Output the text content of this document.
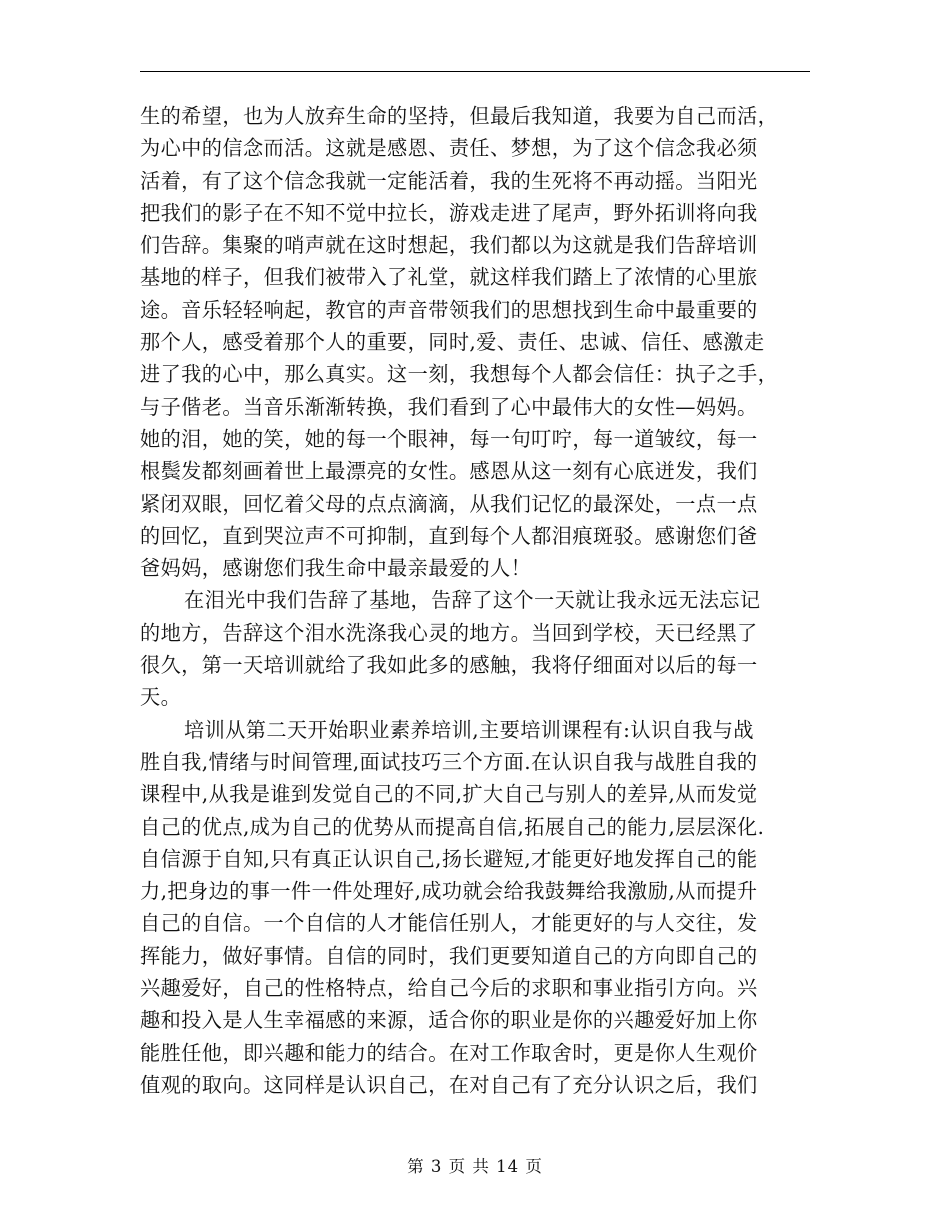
生的希望，也为人放弃生命的坚持，但最后我知道，我要为自己而活，
为心中的信念而活。这就是感恩、责任、梦想，为了这个信念我必须
活着，有了这个信念我就一定能活着，我的生死将不再动摇。当阳光
把我们的影子在不知不觉中拉长，游戏走进了尾声，野外拓训将向我
们告辞。集聚的哨声就在这时想起，我们都以为这就是我们告辞培训
基地的样子，但我们被带入了礼堂，就这样我们踏上了浓情的心里旅
途。音乐轻轻响起，教官的声音带领我们的思想找到生命中最重要的
那个人，感受着那个人的重要，同时,爱、责任、忠诚、信任、感激走
进了我的心中，那么真实。这一刻，我想每个人都会信任：执子之手，
与子偕老。当音乐渐渐转换，我们看到了心中最伟大的女性—妈妈。
她的泪，她的笑，她的每一个眼神，每一句叮咛，每一道皱纹，每一
根鬓发都刻画着世上最漂亮的女性。感恩从这一刻有心底迸发，我们
紧闭双眼，回忆着父母的点点滴滴，从我们记忆的最深处，一点一点
的回忆，直到哭泣声不可抑制，直到每个人都泪痕斑驳。感谢您们爸
爸妈妈，感谢您们我生命中最亲最爱的人！
在泪光中我们告辞了基地，告辞了这个一天就让我永远无法忘记
的地方，告辞这个泪水洗涤我心灵的地方。当回到学校，天已经黑了
很久，第一天培训就给了我如此多的感触，我将仔细面对以后的每一
天。
培训从第二天开始职业素养培训,主要培训课程有:认识自我与战
胜自我,情绪与时间管理,面试技巧三个方面.在认识自我与战胜自我的
课程中,从我是谁到发觉自己的不同,扩大自己与别人的差异,从而发觉
自己的优点,成为自己的优势从而提高自信,拓展自己的能力,层层深化.
自信源于自知,只有真正认识自己,扬长避短,才能更好地发挥自己的能
力,把身边的事一件一件处理好,成功就会给我鼓舞给我激励,从而提升
自己的自信。一个自信的人才能信任别人，才能更好的与人交往，发
挥能力，做好事情。自信的同时，我们更要知道自己的方向即自己的
兴趣爱好，自己的性格特点，给自己今后的求职和事业指引方向。兴
趣和投入是人生幸福感的来源，适合你的职业是你的兴趣爱好加上你
能胜任他，即兴趣和能力的结合。在对工作取舍时，更是你人生观价
值观的取向。这同样是认识自己，在对自己有了充分认识之后，我们
第 3 页 共 14 页
